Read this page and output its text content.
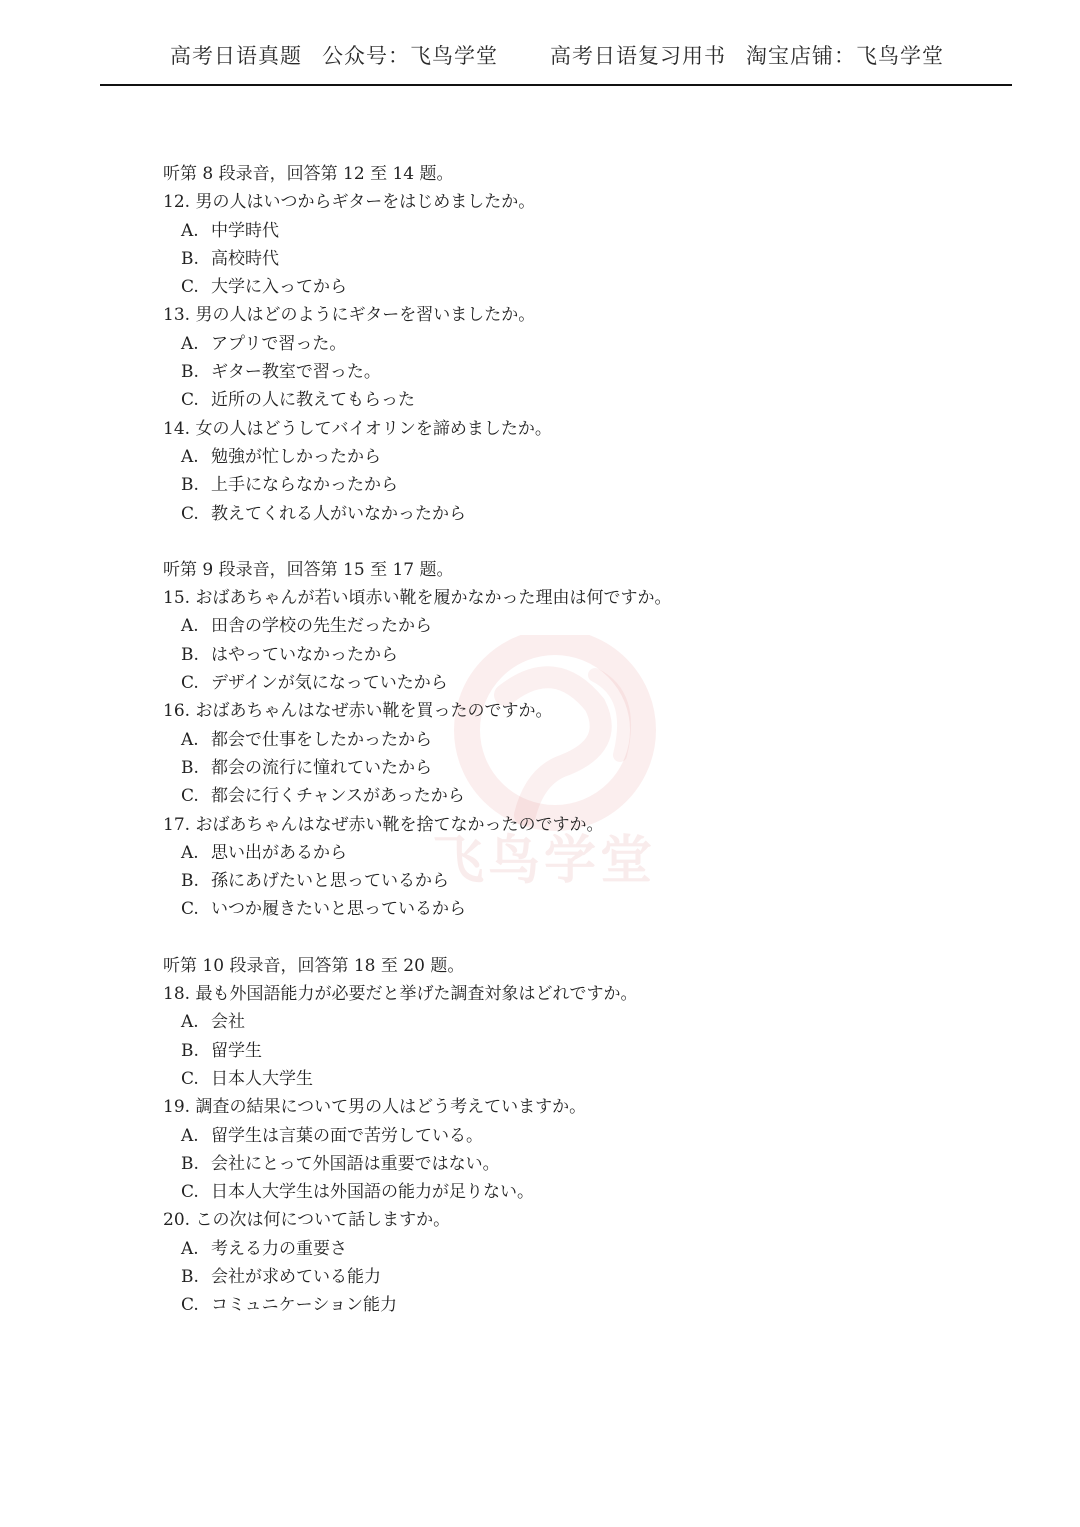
高考日语真题 公众号：飞鸟学堂 高考日语复习用书 淘宝店铺：飞鸟学堂
飞鸟学堂
听第 8 段录音，回答第 12 至 14 题。
12. 男の人はいつからギターをはじめましたか。
A. 中学時代
B. 高校時代
C. 大学に入ってから
13. 男の人はどのようにギターを習いましたか。
A. アプリで習った。
B. ギター教室で習った。
C. 近所の人に教えてもらった
14. 女の人はどうしてバイオリンを諦めましたか。
A. 勉強が忙しかったから
B. 上手にならなかったから
C. 教えてくれる人がいなかったから
听第 9 段录音，回答第 15 至 17 题。
15. おばあちゃんが若い頃赤い靴を履かなかった理由は何ですか。
A. 田舎の学校の先生だったから
B. はやっていなかったから
C. デザインが気になっていたから
16. おばあちゃんはなぜ赤い靴を買ったのですか。
A. 都会で仕事をしたかったから
B. 都会の流行に憧れていたから
C. 都会に行くチャンスがあったから
17. おばあちゃんはなぜ赤い靴を捨てなかったのですか。
A. 思い出があるから
B. 孫にあげたいと思っているから
C. いつか履きたいと思っているから
听第 10 段录音，回答第 18 至 20 题。
18. 最も外国語能力が必要だと挙げた調査対象はどれですか。
A. 会社
B. 留学生
C. 日本人大学生
19. 調査の結果について男の人はどう考えていますか。
A. 留学生は言葉の面で苦労している。
B. 会社にとって外国語は重要ではない。
C. 日本人大学生は外国語の能力が足りない。
20. この次は何について話しますか。
A. 考える力の重要さ
B. 会社が求めている能力
C. コミュニケーション能力
